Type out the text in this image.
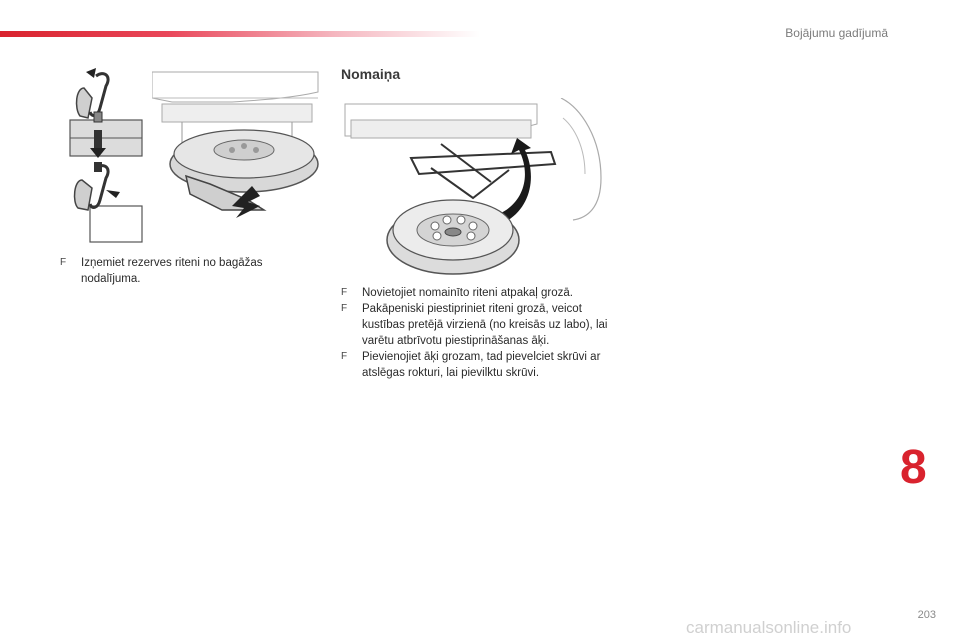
Bojājumu gadījumā
Nomaiņa
F Izņemiet rezerves riteni no bagāžas nodalījuma.
F Novietojiet nomainīto riteni atpakaļ grozā.
F Pakāpeniski piestipriniet riteni grozā, veicot kustības pretējā virzienā (no kreisās uz labo), lai varētu atbrīvotu piestiprināšanas āķi.
F Pievienojiet āķi grozam, tad pievelciet skrūvi ar atslēgas rokturi, lai pievilktu skrūvi.
8
203
carmanualsonline.info
